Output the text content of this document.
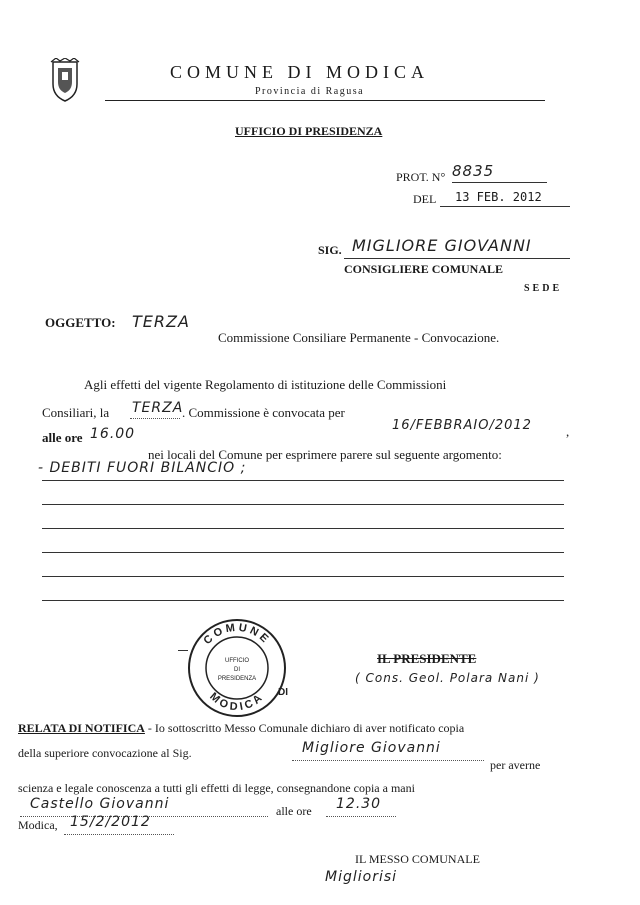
COMUNE DI MODICA
Provincia di Ragusa
UFFICIO DI PRESIDENZA
PROT. N° 8835
DEL 13 FEB. 2012
SIG. MIGLIORE GIOVANNI
CONSIGLIERE COMUNALE
SEDE
OGGETTO: TERZA
Commissione Consiliare Permanente - Convocazione.
Agli effetti del vigente Regolamento di istituzione delle Commissioni
Consiliari, la TERZA
. Commissione è convocata per
16/FEBBRAIO/2012	,
alle ore 16.00
nei locali del Comune per esprimere parere sul seguente argomento:
- DEBITI FUORI BILANCIO ;
COMUNE
MODICA DI
UFFICIO
DI
PRESIDENZA
IL PRESIDENTE
( Cons. Geol. Polara Nani )
RELATA DI NOTIFICA - Io sottoscritto Messo Comunale dichiaro di aver notificato copia
della superiore convocazione al Sig.	Migliore Giovanni
per averne
scienza e legale conoscenza a tutti gli effetti di legge, consegnandone copia a mani
Castello Giovanni	alle ore 12.30
Modica, 15/2/2012
IL MESSO COMUNALE
Migliorisi
